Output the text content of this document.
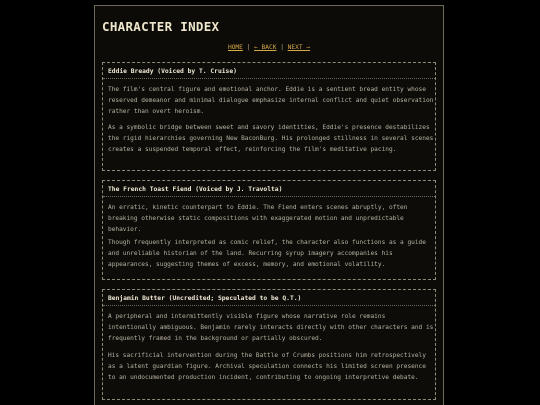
CHARACTER INDEX
HOME | ← BACK | NEXT →
Eddie Bready (Voiced by T. Cruise)

The film's central figure and emotional anchor. Eddie is a sentient bread entity whose reserved demeanor and minimal dialogue emphasize internal conflict and quiet observation rather than overt heroism.

As a symbolic bridge between sweet and savory identities, Eddie's presence destabilizes the rigid hierarchies governing New BaconBurg. His prolonged stillness in several scenes creates a suspended temporal effect, reinforcing the film's meditative pacing.

The French Toast Fiend (Voiced by J. Travolta)

An erratic, kinetic counterpart to Eddie. The Fiend enters scenes abruptly, often breaking otherwise static compositions with exaggerated motion and unpredictable behavior.

Though frequently interpreted as comic relief, the character also functions as a guide and unreliable historian of the land. Recurring syrup imagery accompanies his appearances, suggesting themes of excess, memory, and emotional volatility.

Benjamin Butter (Uncredited; Speculated to be Q.T.)

A peripheral and intermittently visible figure whose narrative role remains intentionally ambiguous. Benjamin rarely interacts directly with other characters and is frequently framed in the background or partially obscured.

His sacrificial intervention during the Battle of Crumbs positions him retrospectively as a latent guardian figure. Archival speculation connects his limited screen presence to an undocumented production incident, contributing to ongoing interpretive debate.
